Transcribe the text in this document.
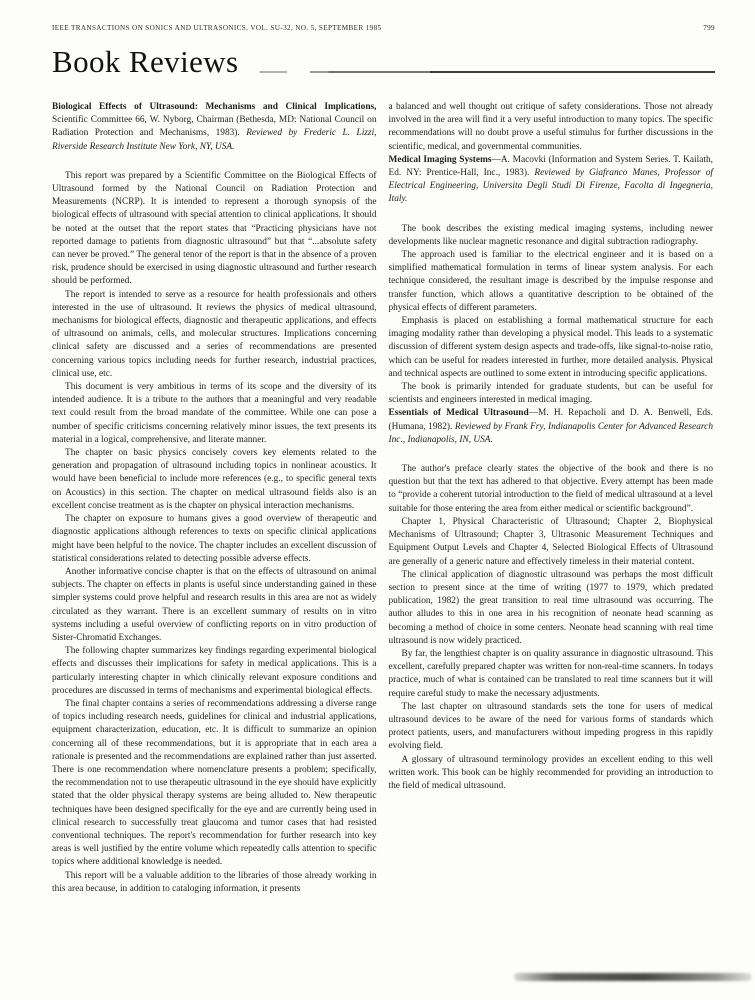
IEEE TRANSACTIONS ON SONICS AND ULTRASONICS, VOL. SU-32, NO. 5, SEPTEMBER 1985	799
Book Reviews

Biological Effects of Ultrasound: Mechanisms and Clinical Implications, Scientific Committee 66, W. Nyborg, Chairman (Bethesda, MD: National Council on Radiation Protection and Mechanisms, 1983). Reviewed by Frederic L. Lizzi, Riverside Research Institute New York, NY, USA.

This report was prepared by a Scientific Committee on the Biological Effects of Ultrasound formed by the National Council on Radiation Protection and Measurements (NCRP). It is intended to represent a thorough synopsis of the biological effects of ultrasound with special attention to clinical applications. It should be noted at the outset that the report states that “Practicing physicians have not reported damage to patients from diagnostic ultrasound” but that “...absolute safety can never be proved.” The general tenor of the report is that in the absence of a proven risk, prudence should be exercised in using diagnostic ultrasound and further research should be performed.

The report is intended to serve as a resource for health professionals and others interested in the use of ultrasound. It reviews the physics of medical ultrasound, mechanisms for biological effects, diagnostic and therapeutic applications, and effects of ultrasound on animals, cells, and molecular structures. Implications concerning clinical safety are discussed and a series of recommendations are presented concerning various topics including needs for further research, industrial practices, clinical use, etc.

This document is very ambitious in terms of its scope and the diversity of its intended audience. It is a tribute to the authors that a meaningful and very readable text could result from the broad mandate of the committee. While one can pose a number of specific criticisms concerning relatively minor issues, the text presents its material in a logical, comprehensive, and literate manner.

The chapter on basic physics concisely covers key elements related to the generation and propagation of ultrasound including topics in nonlinear acoustics. It would have been beneficial to include more references (e.g., to specific general texts on Acoustics) in this section. The chapter on medical ultrasound fields also is an excellent concise treatment as is the chapter on physical interaction mechanisms.

The chapter on exposure to humans gives a good overview of therapeutic and diagnostic applications although references to texts on specific clinical applications might have been helpful to the novice. The chapter includes an excellent discussion of statistical considerations related to detecting possible adverse effects.

Another informative concise chapter is that on the effects of ultrasound on animal subjects. The chapter on effects in plants is useful since understanding gained in these simpler systems could prove helpful and research results in this area are not as widely circulated as they warrant. There is an excellent summary of results on in vitro systems including a useful overview of conflicting reports on in vitro production of Sister-Chromatid Exchanges.

The following chapter summarizes key findings regarding experimental biological effects and discusses their implications for safety in medical applications. This is a particularly interesting chapter in which clinically relevant exposure conditions and procedures are discussed in terms of mechanisms and experimental biological effects.

The final chapter contains a series of recommendations addressing a diverse range of topics including research needs, guidelines for clinical and industrial applications, equipment characterization, education, etc. It is difficult to summarize an opinion concerning all of these recommendations, but it is appropriate that in each area a rationale is presented and the recommendations are explained rather than just asserted. There is one recommendation where nomenclature presents a problem; specifically, the recommendation not to use therapeutic ultrasound in the eye should have explicitly stated that the older physical therapy systems are being alluded to. New therapeutic techniques have been designed specifically for the eye and are currently being used in clinical research to successfully treat glaucoma and tumor cases that had resisted conventional techniques. The report's recommendation for further research into key areas is well justified by the entire volume which repeatedly calls attention to specific topics where additional knowledge is needed.

This report will be a valuable addition to the libraries of those already working in this area because, in addition to cataloging information, it presents

a balanced and well thought out critique of safety considerations. Those not already involved in the area will find it a very useful introduction to many topics. The specific recommendations will no doubt prove a useful stimulus for further discussions in the scientific, medical, and governmental communities.

Medical Imaging Systems—A. Macovki (Information and System Series. T. Kailath, Ed. NY: Prentice-Hall, Inc., 1983). Reviewed by Giafranco Manes, Professor of Electrical Engineering, Universita Degli Studi Di Firenze, Facolta di Ingegneria, Italy.

The book describes the existing medical imaging systems, including newer developments like nuclear magnetic resonance and digital subtraction radiography.

The approach used is familiar to the electrical engineer and it is based on a simplified mathematical formulation in terms of linear system analysis. For each technique considered, the resultant image is described by the impulse response and transfer function, which allows a quantitative description to be obtained of the physical effects of different parameters.

Emphasis is placed on establishing a formal mathematical structure for each imaging modality rather than developing a physical model. This leads to a systematic discussion of different system design aspects and trade-offs, like signal-to-noise ratio, which can be useful for readers interested in further, more detailed analysis. Physical and technical aspects are outlined to some extent in introducing specific applications.

The book is primarily intended for graduate students, but can be useful for scientists and engineers interested in medical imaging.

Essentials of Medical Ultrasound—M. H. Repacholi and D. A. Benwell, Eds. (Humana, 1982). Reviewed by Frank Fry, Indianapolis Center for Advanced Research Inc., Indianapolis, IN, USA.

The author's preface clearly states the objective of the book and there is no question but that the text has adhered to that objective. Every attempt has been made to “provide a coherent tutorial introduction to the field of medical ultrasound at a level suitable for those entering the area from either medical or scientific background”.

Chapter 1, Physical Characteristic of Ultrasound; Chapter 2, Biophysical Mechanisms of Ultrasound; Chapter 3, Ultrasonic Measurement Techniques and Equipment Output Levels and Chapter 4, Selected Biological Effects of Ultrasound are generally of a generic nature and effectively timeless in their material content.

The clinical application of diagnostic ultrasound was perhaps the most difficult section to present since at the time of writing (1977 to 1979, which predated publication, 1982) the great transition to real time ultrasound was occurring. The author alludes to this in one area in his recognition of neonate head scanning as becoming a method of choice in some centers. Neonate head scanning with real time ultrasound is now widely practiced.

By far, the lengthiest chapter is on quality assurance in diagnostic ultrasound. This excellent, carefully prepared chapter was written for non-real-time scanners. In todays practice, much of what is contained can be translated to real time scanners but it will require careful study to make the necessary adjustments.

The last chapter on ultrasound standards sets the tone for users of medical ultrasound devices to be aware of the need for various forms of standards which protect patients, users, and manufacturers without impeding progress in this rapidly evolving field.

A glossary of ultrasound terminology provides an excellent ending to this well written work. This book can be highly recommended for providing an introduction to the field of medical ultrasound.
